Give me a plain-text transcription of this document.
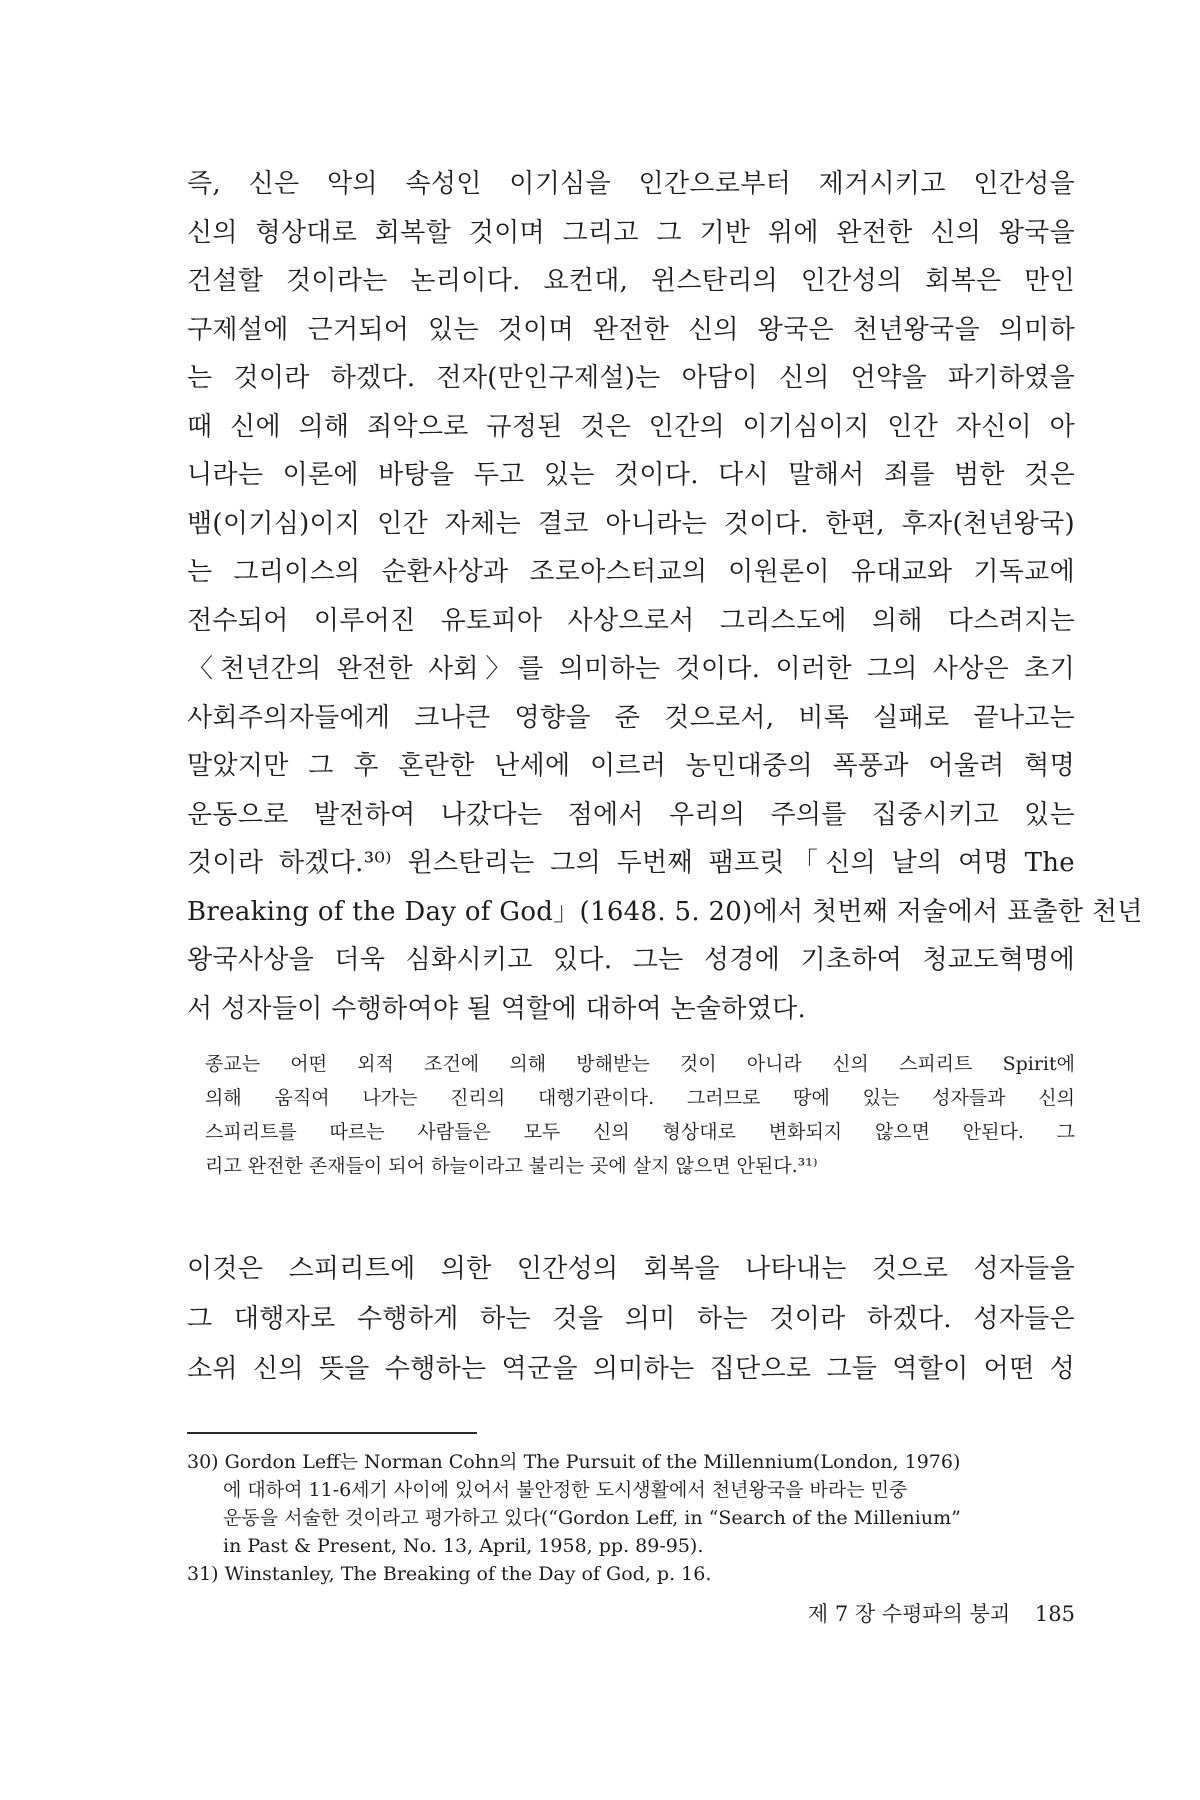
즉, 신은 악의 속성인 이기심을 인간으로부터 제거시키고 인간성을
신의 형상대로 회복할 것이며 그리고 그 기반 위에 완전한 신의 왕국을
건설할 것이라는 논리이다. 요컨대, 윈스탄리의 인간성의 회복은 만인
구제설에 근거되어 있는 것이며 완전한 신의 왕국은 천년왕국을 의미하
는 것이라 하겠다. 전자(만인구제설)는 아담이 신의 언약을 파기하였을
때 신에 의해 죄악으로 규정된 것은 인간의 이기심이지 인간 자신이 아
니라는 이론에 바탕을 두고 있는 것이다. 다시 말해서 죄를 범한 것은
뱀(이기심)이지 인간 자체는 결코 아니라는 것이다. 한편, 후자(천년왕국)
는 그리이스의 순환사상과 조로아스터교의 이원론이 유대교와 기독교에
전수되어 이루어진 유토피아 사상으로서 그리스도에 의해 다스려지는
〈천년간의 완전한 사회〉를 의미하는 것이다. 이러한 그의 사상은 초기
사회주의자들에게 크나큰 영향을 준 것으로서, 비록 실패로 끝나고는
말았지만 그 후 혼란한 난세에 이르러 농민대중의 폭풍과 어울려 혁명
운동으로 발전하여 나갔다는 점에서 우리의 주의를 집중시키고 있는
것이라 하겠다.³⁰⁾ 윈스탄리는 그의 두번째 팸프릿「신의 날의 여명 The
Breaking of the Day of God」(1648. 5. 20)에서 첫번째 저술에서 표출한 천년
왕국사상을 더욱 심화시키고 있다. 그는 성경에 기초하여 청교도혁명에
서 성자들이 수행하여야 될 역할에 대하여 논술하였다.
종교는 어떤 외적 조건에 의해 방해받는 것이 아니라 신의 스피리트 Spirit에
의해 움직여 나가는 진리의 대행기관이다. 그러므로 땅에 있는 성자들과 신의
스피리트를 따르는 사람들은 모두 신의 형상대로 변화되지 않으면 안된다. 그
리고 완전한 존재들이 되어 하늘이라고 불리는 곳에 살지 않으면 안된다.³¹⁾
이것은 스피리트에 의한 인간성의 회복을 나타내는 것으로 성자들을
그 대행자로 수행하게 하는 것을 의미 하는 것이라 하겠다. 성자들은
소위 신의 뜻을 수행하는 역군을 의미하는 집단으로 그들 역할이 어떤 성
30) Gordon Leff는 Norman Cohn의 The Pursuit of the Millennium(London, 1976)
에 대하여 11-6세기 사이에 있어서 불안정한 도시생활에서 천년왕국을 바라는 민중
운동을 서술한 것이라고 평가하고 있다(“Gordon Leff, in “Search of the Millenium”
in Past & Present, No. 13, April, 1958, pp. 89-95).
31) Winstanley, The Breaking of the Day of God, p. 16.
제 7 장 수평파의 붕괴 185
